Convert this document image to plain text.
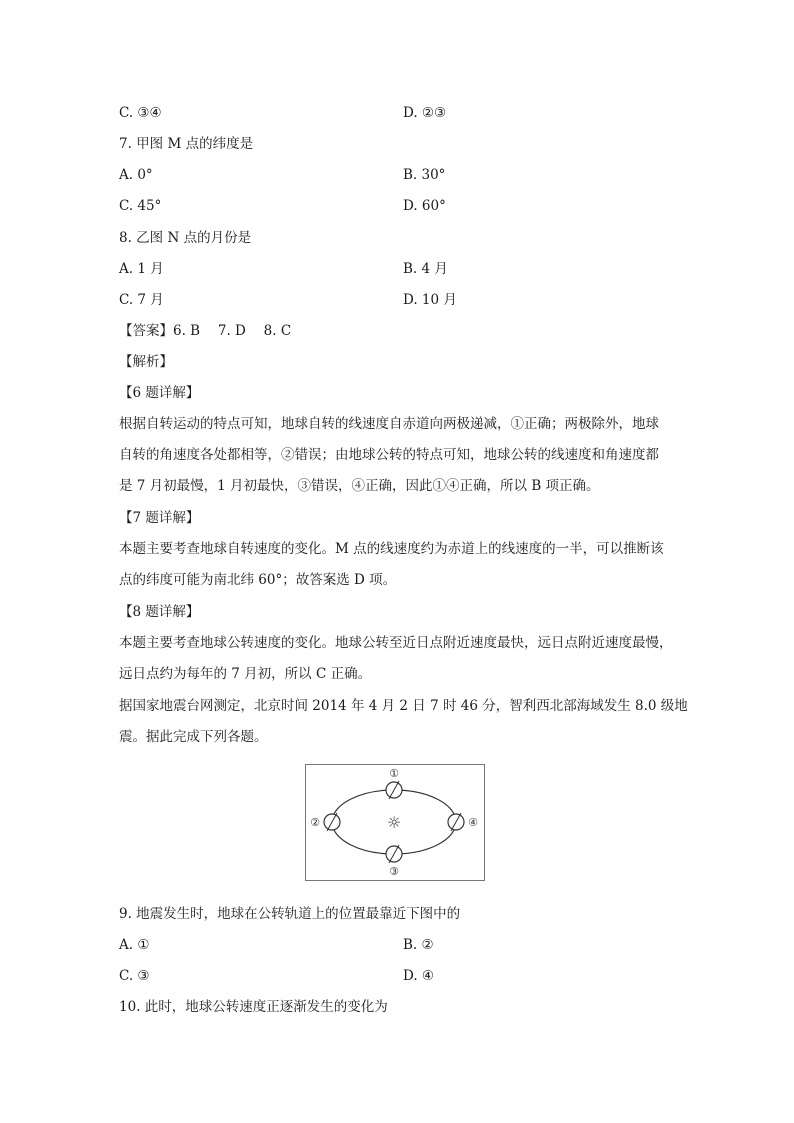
C. ③④	D. ②③
7. 甲图 M 点的纬度是
A. 0°	B. 30°
C. 45°	D. 60°
8. 乙图 N 点的月份是
A. 1 月	B. 4 月
C. 7 月	D. 10 月
【答案】6. B　 7. D　 8. C
【解析】
【6 题详解】

根据自转运动的特点可知，地球自转的线速度自赤道向两极递减，①正确；两极除外，地球

自转的角速度各处都相等，②错误；由地球公转的特点可知，地球公转的线速度和角速度都

是 7 月初最慢，1 月初最快，③错误，④正确，因此①④正确，所以 B 项正确。

【7 题详解】

本题主要考查地球自转速度的变化。M 点的线速度约为赤道上的线速度的一半，可以推断该

点的纬度可能为南北纬 60°；故答案选 D 项。

【8 题详解】

本题主要考查地球公转速度的变化。地球公转至近日点附近速度最快，远日点附近速度最慢，

远日点约为每年的 7 月初，所以 C 正确。

据国家地震台网测定，北京时间 2014 年 4 月 2 日 7 时 46 分，智利西北部海域发生 8.0 级地

震。据此完成下列各题。

☼
①
②
③
④
9. 地震发生时，地球在公转轨道上的位置最靠近下图中的
A. ①	B. ②
C. ③	D. ④
10. 此时，地球公转速度正逐渐发生的变化为
